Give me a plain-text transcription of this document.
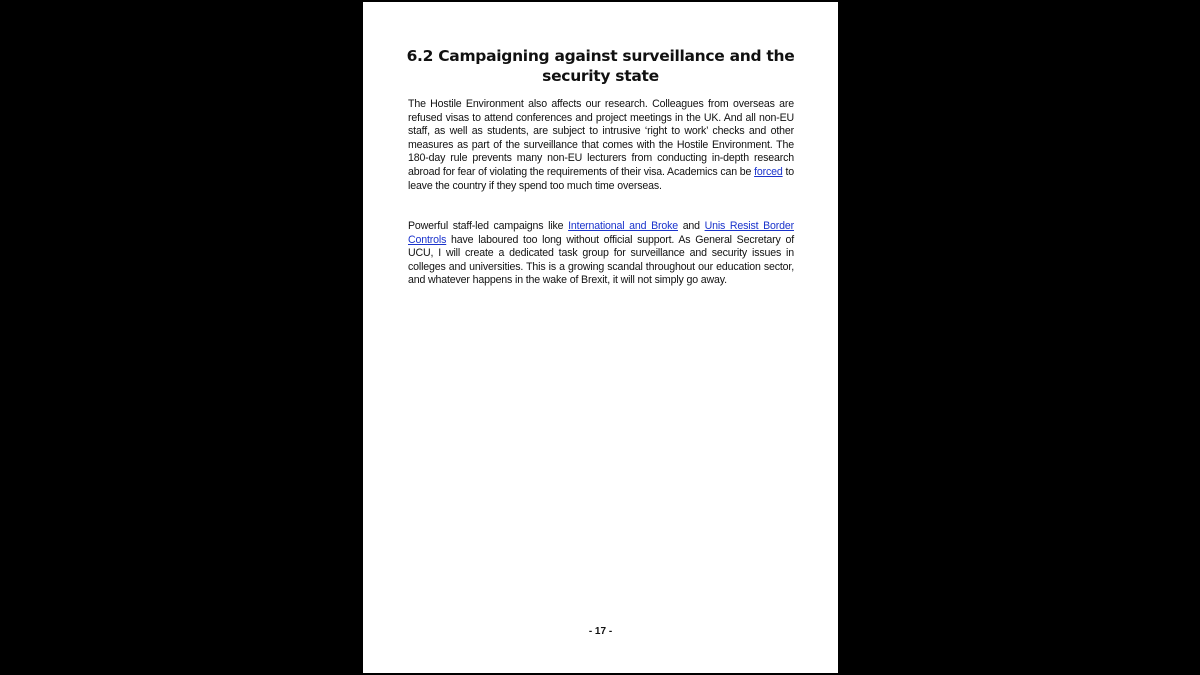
6.2 Campaigning against surveillance and the security state

The Hostile Environment also affects our research. Colleagues from overseas are refused visas to attend conferences and project meetings in the UK. And all non-EU staff, as well as students, are subject to intrusive ‘right to work’ checks and other measures as part of the surveillance that comes with the Hostile Environment. The 180-day rule prevents many non-EU lecturers from conducting in-depth research abroad for fear of violating the requirements of their visa. Academics can be forced to leave the country if they spend too much time overseas.

Powerful staff-led campaigns like International and Broke and Unis Resist Border Controls have laboured too long without official support. As General Secretary of UCU, I will create a dedicated task group for surveillance and security issues in colleges and universities. This is a growing scandal throughout our education sector, and whatever happens in the wake of Brexit, it will not simply go away.

- 17 -
